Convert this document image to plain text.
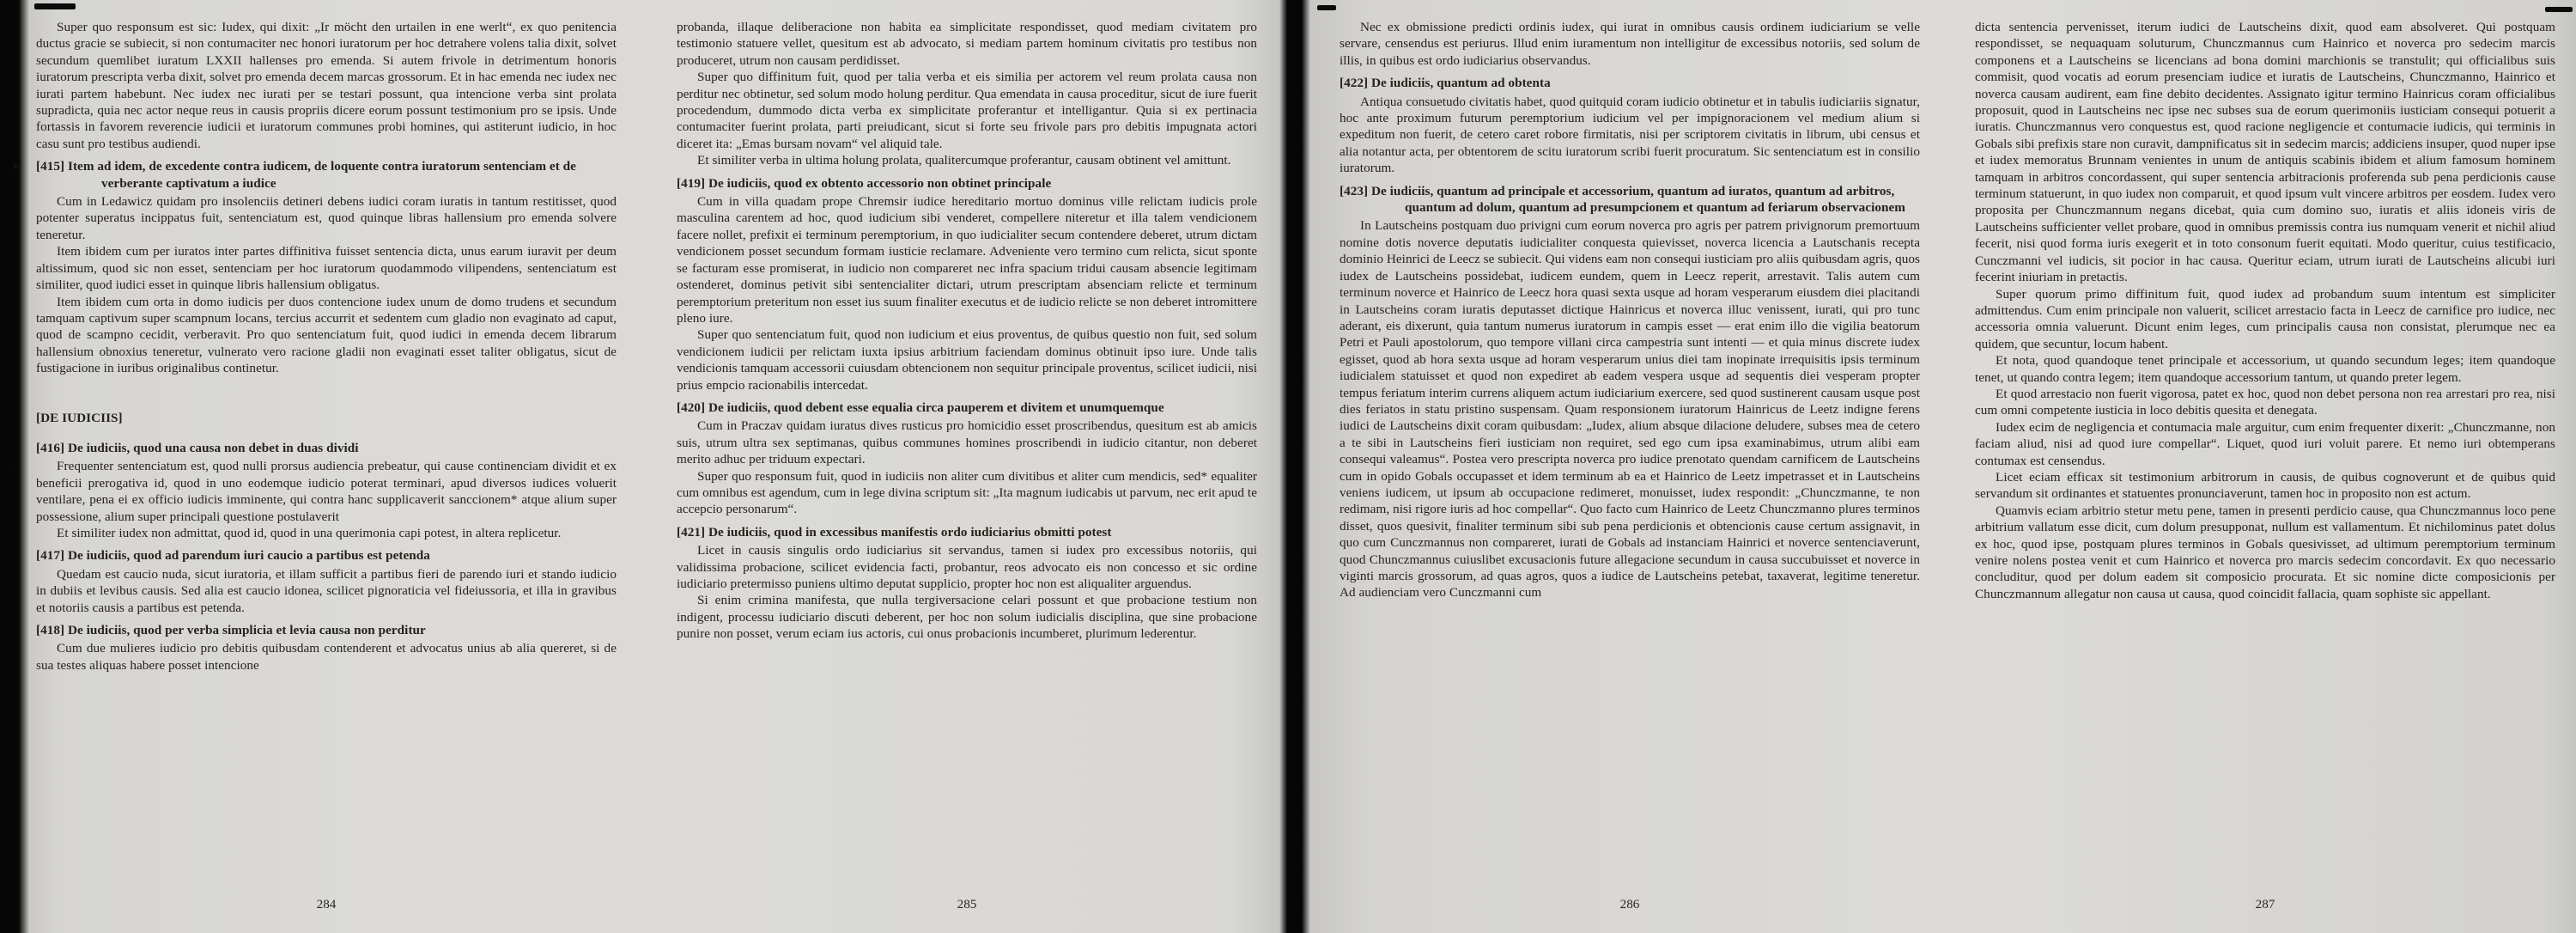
Super quo responsum est sic: Iudex, qui dixit: „Ir möcht den urtailen in ene werlt“, ex quo penitencia ductus gracie se subiecit, si non contumaciter nec honori iuratorum per hoc detrahere volens talia dixit, solvet secundum quemlibet iuratum LXXII hallenses pro emenda. Si autem frivole in detrimentum honoris iuratorum prescripta verba dixit, solvet pro emenda decem marcas grossorum. Et in hac emenda nec iudex nec iurati partem habebunt. Nec iudex nec iurati per se testari possunt, qua intencione verba sint prolata supradicta, quia nec actor neque reus in causis propriis dicere eorum possunt testimonium pro se ipsis. Unde fortassis in favorem reverencie iudicii et iuratorum communes probi homines, qui astiterunt iudicio, in hoc casu sunt pro testibus audiendi.

+ [415] Item ad idem, de excedente contra iudicem, de loquente contra iuratorum sentenciam et de verberante captivatum a iudice

Cum in Ledawicz quidam pro insolenciis detineri debens iudici coram iuratis in tantum restitisset, quod potenter superatus incippatus fuit, sentenciatum est, quod quinque libras hallensium pro emenda solvere teneretur.

Item ibidem cum per iuratos inter partes diffinitiva fuisset sentencia dicta, unus earum iuravit per deum altissimum, quod sic non esset, sentenciam per hoc iuratorum quodammodo vilipendens, sentenciatum est similiter, quod iudici esset in quinque libris hallensium obligatus.

Item ibidem cum orta in domo iudicis per duos contencione iudex unum de domo trudens et secundum tamquam captivum super scampnum locans, tercius accurrit et sedentem cum gladio non evaginato ad caput, quod de scampno cecidit, verberavit. Pro quo sentenciatum fuit, quod iudici in emenda decem librarum hallensium obnoxius teneretur, vulnerato vero racione gladii non evaginati esset taliter obligatus, sicut de fustigacione in iuribus originalibus continetur.

[DE IUDICIIS]
[416] De iudiciis, quod una causa non debet in duas dividi

Frequenter sentenciatum est, quod nulli prorsus audiencia prebeatur, qui cause continenciam dividit et ex beneficii prerogativa id, quod in uno eodemque iudicio poterat terminari, apud diversos iudices voluerit ventilare, pena ei ex officio iudicis imminente, qui contra hanc supplicaverit sanccionem* atque alium super possessione, alium super principali questione postulaverit

Et similiter iudex non admittat, quod id, quod in una querimonia capi potest, in altera replicetur.

[417] De iudiciis, quod ad parendum iuri caucio a partibus est petenda

Quedam est caucio nuda, sicut iuratoria, et illam sufficit a partibus fieri de parendo iuri et stando iudicio in dubiis et levibus causis. Sed alia est caucio idonea, scilicet pignoraticia vel fideiussoria, et illa in gravibus et notoriis causis a partibus est petenda.

[418] De iudiciis, quod per verba simplicia et levia causa non perditur

Cum due mulieres iudicio pro debitis quibusdam contenderent et advocatus unius ab alia quereret, si de sua testes aliquas habere posset intencione

284

probanda, illaque deliberacione non habita ea simplicitate respondisset, quod mediam civitatem pro testimonio statuere vellet, quesitum est ab advocato, si mediam partem hominum civitatis pro testibus non produceret, utrum non causam perdidisset.

Super quo diffinitum fuit, quod per talia verba et eis similia per actorem vel reum prolata causa non perditur nec obtinetur, sed solum modo holung perditur. Qua emendata in causa proceditur, sicut de iure fuerit procedendum, dummodo dicta verba ex simplicitate proferantur et intelligantur. Quia si ex pertinacia contumaciter fuerint prolata, parti preiudicant, sicut si forte seu frivole pars pro debitis impugnata actori diceret ita: „Emas bursam novam“ vel aliquid tale.

Et similiter verba in ultima holung prolata, qualitercumque proferantur, causam obtinent vel amittunt.

[419] De iudiciis, quod ex obtento accessorio non obtinet principale

Cum in villa quadam prope Chremsir iudice hereditario mortuo dominus ville relictam iudicis prole masculina carentem ad hoc, quod iudicium sibi venderet, compellere niteretur et illa talem vendicionem facere nollet, prefixit ei terminum peremptorium, in quo iudicialiter secum contendere deberet, utrum dictam vendicionem posset secundum formam iusticie reclamare. Adveniente vero termino cum relicta, sicut sponte se facturam esse promiserat, in iudicio non compareret nec infra spacium tridui causam absencie legitimam ostenderet, dominus petivit sibi sentencialiter dictari, utrum prescriptam absenciam relicte et terminum peremptorium preteritum non esset ius suum finaliter executus et de iudicio relicte se non deberet intromittere pleno iure.

Super quo sentenciatum fuit, quod non iudicium et eius proventus, de quibus questio non fuit, sed solum vendicionem iudicii per relictam iuxta ipsius arbitrium faciendam dominus obtinuit ipso iure. Unde talis vendicionis tamquam accessorii cuiusdam obtencionem non sequitur principale proventus, scilicet iudicii, nisi prius empcio racionabilis intercedat.

[420] De iudiciis, quod debent esse equalia circa pauperem et divitem et unumquemque

Cum in Praczav quidam iuratus dives rusticus pro homicidio esset proscribendus, quesitum est ab amicis suis, utrum ultra sex septimanas, quibus communes homines proscribendi in iudicio citantur, non deberet merito adhuc per triduum expectari.

Super quo responsum fuit, quod in iudiciis non aliter cum divitibus et aliter cum mendicis, sed* equaliter cum omnibus est agendum, cum in lege divina scriptum sit: „Ita magnum iudicabis ut parvum, nec erit apud te accepcio personarum“.

[421] De iudiciis, quod in excessibus manifestis ordo iudiciarius obmitti potest

Licet in causis singulis ordo iudiciarius sit servandus, tamen si iudex pro excessibus notoriis, qui validissima probacione, scilicet evidencia facti, probantur, reos advocato eis non concesso et sic ordine iudiciario pretermisso puniens ultimo deputat supplicio, propter hoc non est aliqualiter arguendus.

Si enim crimina manifesta, que nulla tergiversacione celari possunt et que probacione testium non indigent, processu iudiciario discuti deberent, per hoc non solum iudicialis disciplina, que sine probacione punire non posset, verum eciam ius actoris, cui onus probacionis incumberet, plurimum lederentur.

285

Nec ex obmissione predicti ordinis iudex, qui iurat in omnibus causis ordinem iudiciarium se velle servare, censendus est periurus. Illud enim iuramentum non intelligitur de excessibus notoriis, sed solum de illis, in quibus est ordo iudiciarius observandus.

[422] De iudiciis, quantum ad obtenta

Antiqua consuetudo civitatis habet, quod quitquid coram iudicio obtinetur et in tabulis iudiciariis signatur, hoc ante proximum futurum peremptorium iudicium vel per impignoracionem vel medium alium si expeditum non fuerit, de cetero caret robore firmitatis, nisi per scriptorem civitatis in librum, ubi census et alia notantur acta, per obtentorem de scitu iuratorum scribi fuerit procuratum. Sic sentenciatum est in consilio iuratorum.

[423] De iudiciis, quantum ad principale et accessorium, quantum ad iuratos, quantum ad arbitros, quantum ad dolum, quantum ad presumpcionem et quantum ad feriarum observacionem

In Lautscheins postquam duo privigni cum eorum noverca pro agris per patrem privignorum premortuum nomine dotis noverce deputatis iudicialiter conquesta quievisset, noverca licencia a Lautschanis recepta dominio Heinrici de Leecz se subiecit. Qui videns eam non consequi iusticiam pro aliis quibusdam agris, quos iudex de Lautscheins possidebat, iudicem eundem, quem in Leecz reperit, arrestavit. Talis autem cum terminum noverce et Hainrico de Leecz hora quasi sexta usque ad horam vesperarum eiusdem diei placitandi in Lautscheins coram iuratis deputasset dictique Hainricus et noverca illuc venissent, iurati, qui pro tunc aderant, eis dixerunt, quia tantum numerus iuratorum in campis esset — erat enim illo die vigilia beatorum Petri et Pauli apostolorum, quo tempore villani circa campestria sunt intenti — et quia minus discrete iudex egisset, quod ab hora sexta usque ad horam vesperarum unius diei tam inopinate irrequisitis ipsis terminum iudicialem statuisset et quod non expediret ab eadem vespera usque ad sequentis diei vesperam propter tempus feriatum interim currens aliquem actum iudiciarium exercere, sed quod sustinerent causam usque post dies feriatos in statu pristino suspensam. Quam responsionem iuratorum Hainricus de Leetz indigne ferens iudici de Lautscheins dixit coram quibusdam: „Iudex, alium absque dilacione deludere, subses mea de cetero a te sibi in Lautscheins fieri iusticiam non requiret, sed ego cum ipsa examinabimus, utrum alibi eam consequi valeamus“. Postea vero prescripta noverca pro iudice prenotato quendam carnificem de Lautscheins cum in opido Gobals occupasset et idem terminum ab ea et Hainrico de Leetz impetrasset et in Lautscheins veniens iudicem, ut ipsum ab occupacione redimeret, monuisset, iudex respondit: „Chunczmanne, te non redimam, nisi rigore iuris ad hoc compellar“. Quo facto cum Hainrico de Leetz Chunczmanno plures terminos disset, quos quesivit, finaliter terminum sibi sub pena perdicionis et obtencionis cause certum assignavit, in quo cum Cunczmannus non compareret, iurati de Gobals ad instanciam Hainrici et noverce sentenciaverunt, quod Chunczmannus cuiuslibet excusacionis future allegacione secundum in causa succubuisset et noverce in viginti marcis grossorum, ad quas agros, quos a iudice de Lautscheins petebat, taxaverat, legitime teneretur. Ad audienciam vero Cunczmanni cum

286

dicta sentencia pervenisset, iterum iudici de Lautscheins dixit, quod eam absolveret. Qui postquam respondisset, se nequaquam soluturum, Chunczmannus cum Hainrico et noverca pro sedecim marcis componens et a Lautscheins se licencians ad bona domini marchionis se transtulit; qui officialibus suis commisit, quod vocatis ad eorum presenciam iudice et iuratis de Lautscheins, Chunczmanno, Hainrico et noverca causam audirent, eam fine debito decidentes. Assignato igitur termino Hainricus coram officialibus proposuit, quod in Lautscheins nec ipse nec subses sua de eorum querimoniis iusticiam consequi potuerit a iuratis. Chunczmannus vero conquestus est, quod racione negligencie et contumacie iudicis, qui terminis in Gobals sibi prefixis stare non curavit, dampnificatus sit in sedecim marcis; addiciens insuper, quod nuper ipse et iudex memoratus Brunnam venientes in unum de antiquis scabinis ibidem et alium famosum hominem tamquam in arbitros concordassent, qui super sentencia arbitracionis proferenda sub pena perdicionis cause terminum statuerunt, in quo iudex non comparuit, et quod ipsum vult vincere arbitros per eosdem. Iudex vero proposita per Chunczmannum negans dicebat, quia cum domino suo, iuratis et aliis idoneis viris de Lautscheins sufficienter vellet probare, quod in omnibus premissis contra ius numquam venerit et nichil aliud fecerit, nisi quod forma iuris exegerit et in toto consonum fuerit equitati. Modo queritur, cuius testificacio, Cunczmanni vel iudicis, sit pocior in hac causa. Queritur eciam, utrum iurati de Lautscheins alicubi iuri fecerint iniuriam in pretactis.

Super quorum primo diffinitum fuit, quod iudex ad probandum suum intentum est simpliciter admittendus. Cum enim principale non valuerit, scilicet arrestacio facta in Leecz de carnifice pro iudice, nec accessoria omnia valuerunt. Dicunt enim leges, cum principalis causa non consistat, plerumque nec ea quidem, que secuntur, locum habent.

Et nota, quod quandoque tenet principale et accessorium, ut quando secundum leges; item quandoque tenet, ut quando contra legem; item quandoque accessorium tantum, ut quando preter legem.

Et quod arrestacio non fuerit vigorosa, patet ex hoc, quod non debet persona non rea arrestari pro rea, nisi cum omni competente iusticia in loco debitis quesita et denegata.

Iudex ecim de negligencia et contumacia male arguitur, cum enim frequenter dixerit: „Chunczmanne, non faciam aliud, nisi ad quod iure compellar“. Liquet, quod iuri voluit parere. Et nemo iuri obtemperans contumax est censendus.

Licet eciam efficax sit testimonium arbitrorum in causis, de quibus cognoverunt et de quibus quid servandum sit ordinantes et statuentes pronunciaverunt, tamen hoc in proposito non est actum.

Quamvis eciam arbitrio stetur metu pene, tamen in presenti perdicio cause, qua Chunczmannus loco pene arbitrium vallatum esse dicit, cum dolum presupponat, nullum est vallamentum. Et nichilominus patet dolus ex hoc, quod ipse, postquam plures terminos in Gobals quesivisset, ad ultimum peremptorium terminum venire nolens postea venit et cum Hainrico et noverca pro marcis sedecim concordavit. Ex quo necessario concluditur, quod per dolum eadem sit composicio procurata. Et sic nomine dicte composicionis per Chunczmannum allegatur non causa ut causa, quod coincidit fallacia, quam sophiste sic appellant.

287
